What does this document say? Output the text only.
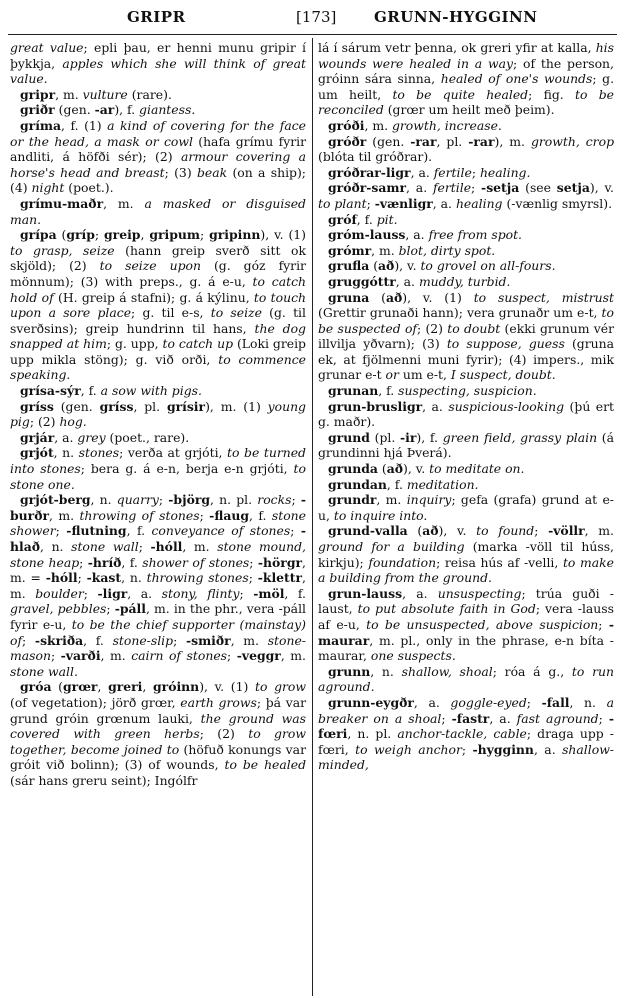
GRIPR	[173]	GRUNN-HYGGINN

great value; epli þau, er henni munu gripir í þykkja, apples which she will think of great value.

gripr, m. vulture (rare).

griðr (gen. -ar), f. giantess.

gríma, f. (1) a kind of covering for the face or the head, a mask or cowl (hafa grímu fyrir andliti, á höfði sér); (2) armour covering a horse's head and breast; (3) beak (on a ship); (4) night (poet.).

grímu-maðr, m. a masked or disguised man.

grípa (gríp; greip, gripum; gripinn), v. (1) to grasp, seize (hann greip sverð sitt ok skjöld); (2) to seize upon (g. góz fyrir mönnum); (3) with preps., g. á e-u, to catch hold of (H. greip á stafni); g. á kýlinu, to touch upon a sore place; g. til e-s, to seize (g. til sverðsins); greip hundrinn til hans, the dog snapped at him; g. upp, to catch up (Loki greip upp mikla stöng); g. við orði, to commence speaking.

grísa-sýr, f. a sow with pigs.

gríss (gen. gríss, pl. grísir), m. (1) young pig; (2) hog.

grjár, a. grey (poet., rare).

grjót, n. stones; verða at grjóti, to be turned into stones; bera g. á e-n, berja e-n grjóti, to stone one.

grjót-berg, n. quarry; -björg, n. pl. rocks; -burðr, m. throwing of stones; -flaug, f. stone shower; -flutning, f. conveyance of stones; -hlað, n. stone wall; -hóll, m. stone mound, stone heap; -hríð, f. shower of stones; -hörgr, m. = -hóll; -kast, n. throwing stones; -klettr, m. boulder; -ligr, a. stony, flinty; -möl, f. gravel, pebbles; -páll, m. in the phr., vera -páll fyrir e-u, to be the chief supporter (mainstay) of; -skriða, f. stone-slip; -smiðr, m. stone-mason; -varði, m. cairn of stones; -veggr, m. stone wall.

gróa (grœr, greri, gróinn), v. (1) to grow (of vegetation); jörð grœr, earth grows; þá var grund gróin grœnum lauki, the ground was covered with green herbs; (2) to grow together, become joined to (höfuð konungs var gróit við bolinn); (3) of wounds, to be healed (sár hans greru seint); Ingólfr

lá í sárum vetr þenna, ok greri yfir at kalla, his wounds were healed in a way; of the person, gróinn sára sinna, healed of one's wounds; g. um heilt, to be quite healed; fig. to be reconciled (grœr um heilt með þeim).

gróði, m. growth, increase.

gróðr (gen. -rar, pl. -rar), m. growth, crop (blóta til gróðrar).

gróðrar-ligr, a. fertile; healing.

gróðr-samr, a. fertile; -setja (see setja), v. to plant; -vænligr, a. healing (-vænlig smyrsl).

gróf, f. pit.

gróm-lauss, a. free from spot.

grómr, m. blot, dirty spot.

grufla (að), v. to grovel on all-fours.

gruggóttr, a. muddy, turbid.

gruna (að), v. (1) to suspect, mistrust (Grettir grunaði hann); vera grunaðr um e-t, to be suspected of; (2) to doubt (ekki grunum vér illvilja yðvarn); (3) to suppose, guess (gruna ek, at fjölmenni muni fyrir); (4) impers., mik grunar e-t or um e-t, I suspect, doubt.

grunan, f. suspecting, suspicion.

grun-brusligr, a. suspicious-looking (þú ert g. maðr).

grund (pl. -ir), f. green field, grassy plain (á grundinni hjá Þverá).

grunda (að), v. to meditate on.

grundan, f. meditation.

grundr, m. inquiry; gefa (grafa) grund at e-u, to inquire into.

grund-valla (að), v. to found; -völlr, m. ground for a building (marka -völl til húss, kirkju); foundation; reisa hús af -velli, to make a building from the ground.

grun-lauss, a. unsuspecting; trúa guði -laust, to put absolute faith in God; vera -lauss af e-u, to be unsuspected, above suspicion; -maurar, m. pl., only in the phrase, e-n bíta -maurar, one suspects.

grunn, n. shallow, shoal; róa á g., to run aground.

grunn-eygðr, a. goggle-eyed; -fall, n. a breaker on a shoal; -fastr, a. fast aground; -fœri, n. pl. anchor-tackle, cable; draga upp -fœri, to weigh anchor; -hygginn, a. shallow-minded,
